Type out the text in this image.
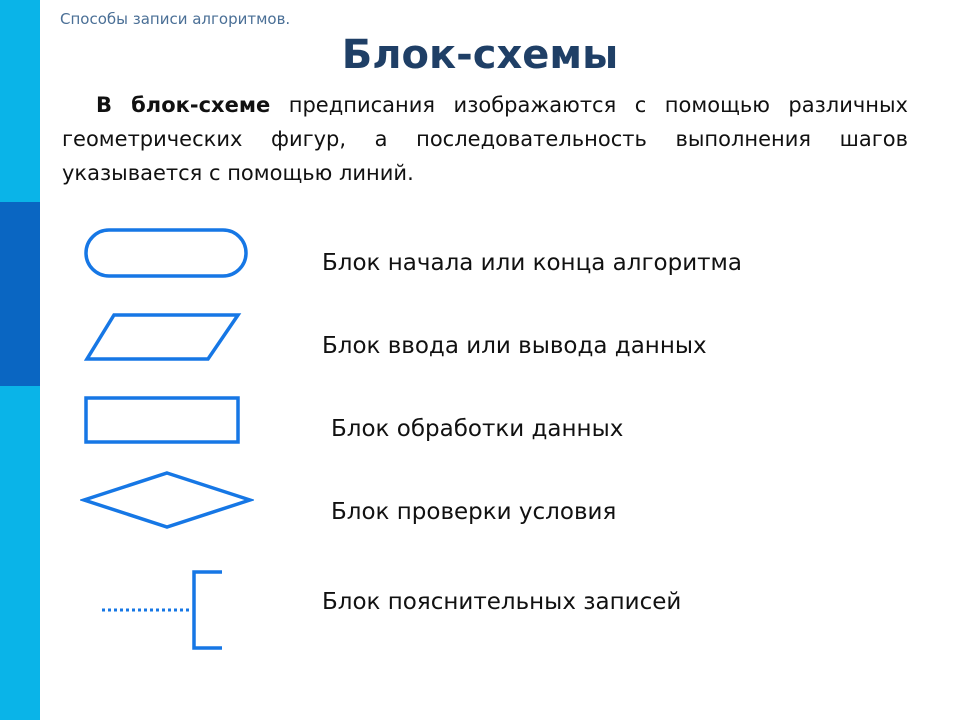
Способы записи алгоритмов.
Блок-схемы

В блок-схеме предписания изображаются с помощью различных геометрических фигур, а последовательность выполнения шагов указывается с помощью линий.

Блок начала или конца алгоритма
Блок ввода или вывода данных
Блок обработки данных
Блок проверки условия
Блок пояснительных записей
